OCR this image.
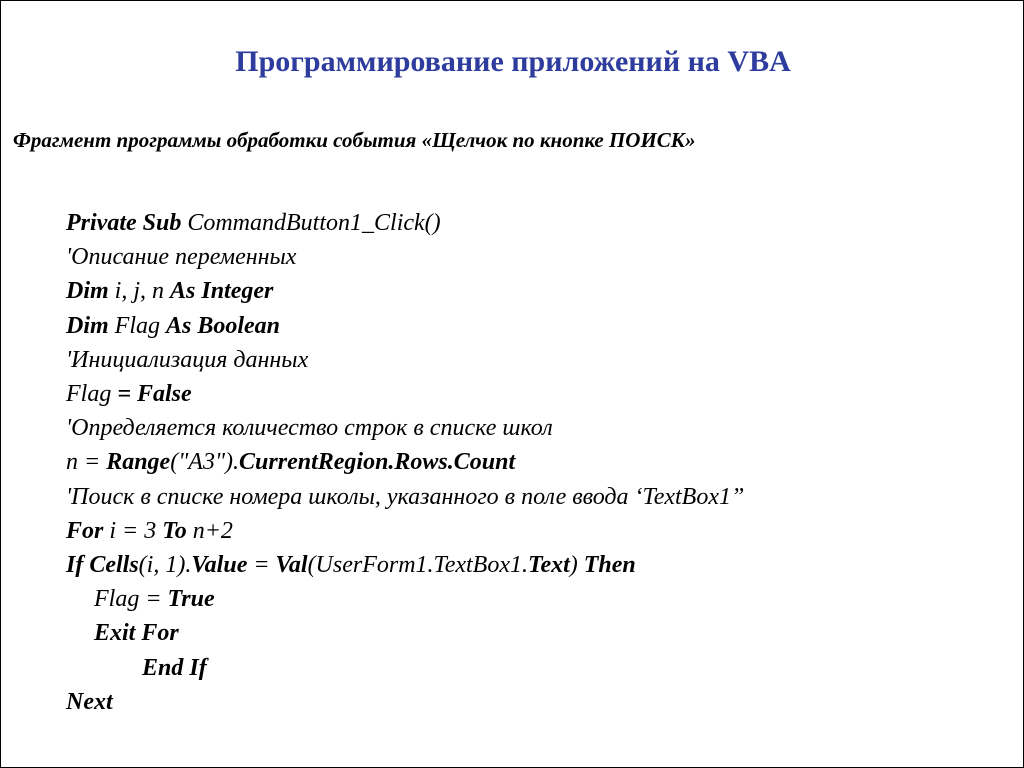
Программирование приложений на VBA
Фрагмент программы обработки события «Щелчок по кнопке ПОИСК»
Private Sub CommandButton1_Click()
'Описание переменных
Dim i, j, n As Integer
Dim Flag As Boolean
'Инициализация данных
Flag = False
'Определяется количество строк в списке школ
n = Range("A3").CurrentRegion.Rows.Count
'Поиск в списке номера школы, указанного в поле ввода ‘TextBox1”
For i = 3 To n+2
If Cells(i, 1).Value = Val(UserForm1.TextBox1.Text) Then
Flag = True
Exit For
End If
Next
